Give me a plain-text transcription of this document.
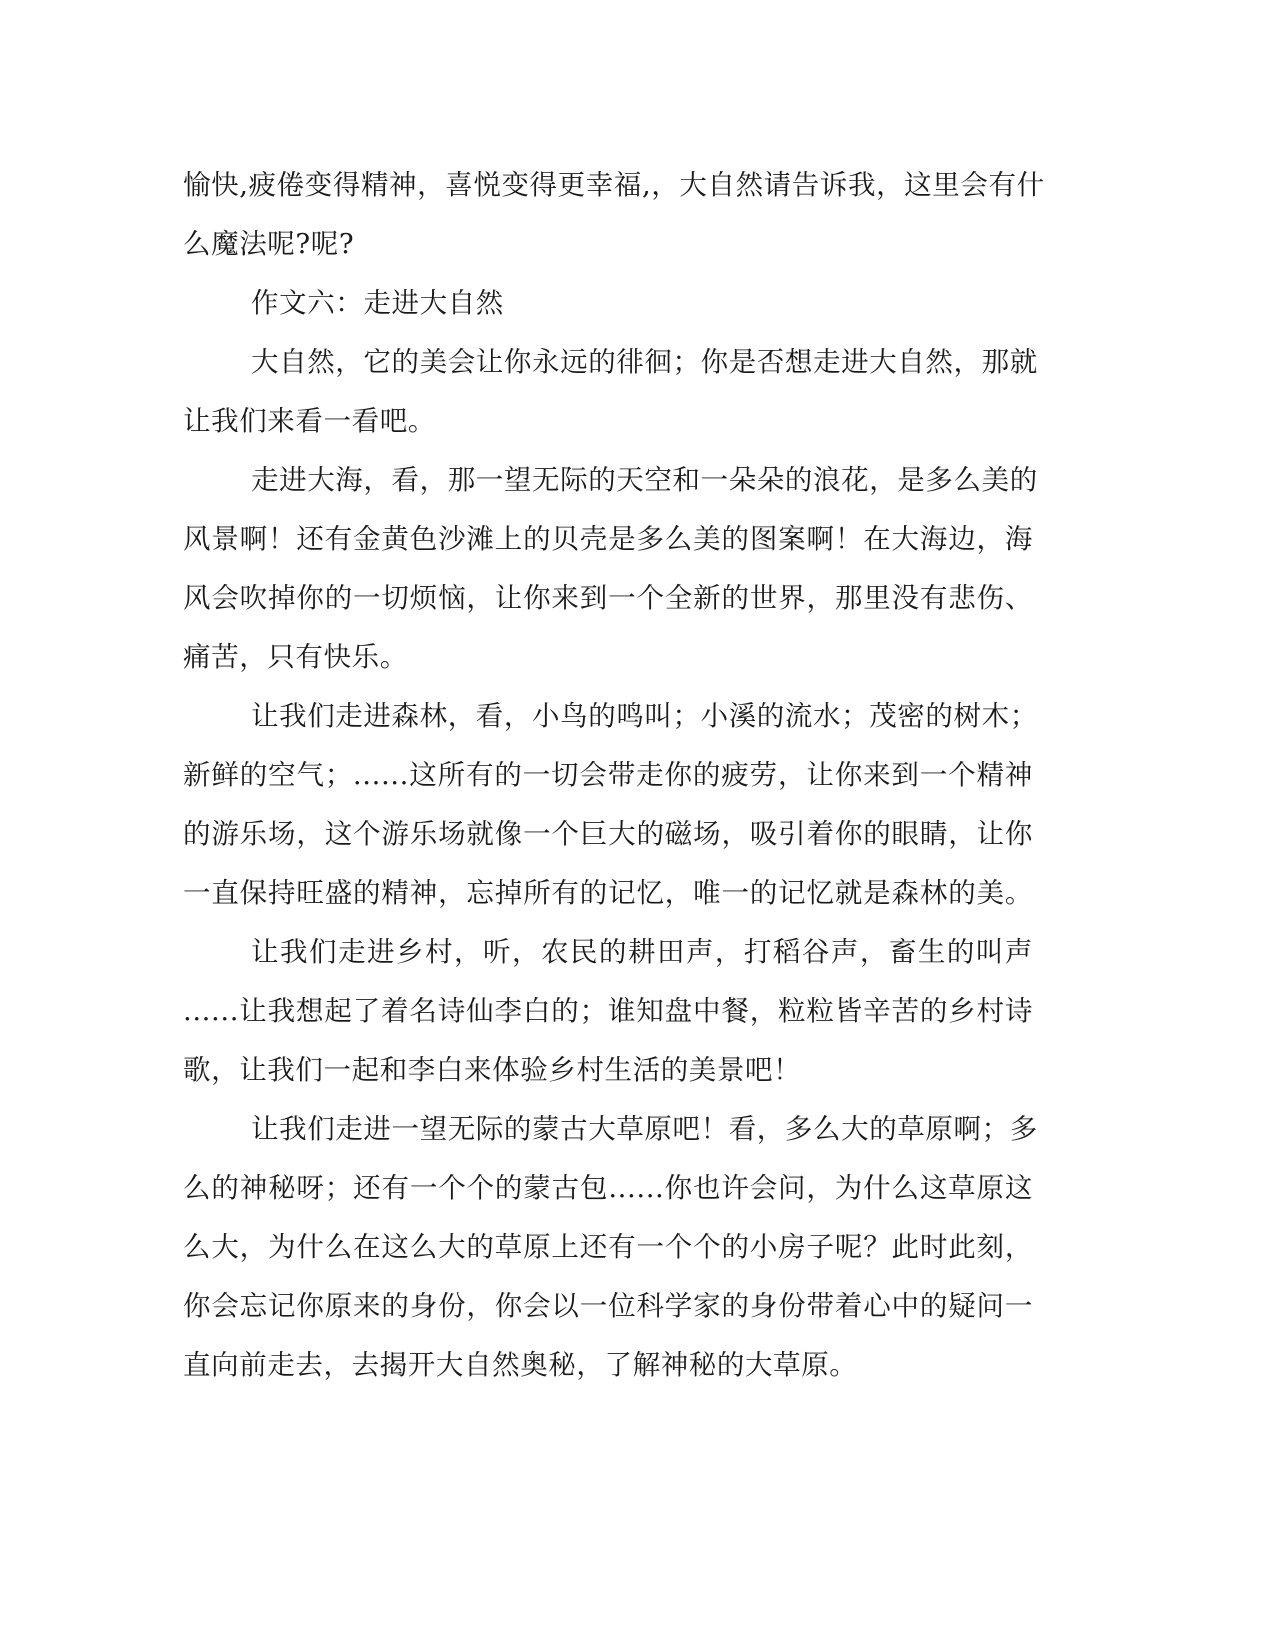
愉快,疲倦变得精神，喜悦变得更幸福,，大自然请告诉我，这里会有什
么魔法呢?呢?
作文六：走进大自然
大自然，它的美会让你永远的徘徊；你是否想走进大自然，那就
让我们来看一看吧。
走进大海，看，那一望无际的天空和一朵朵的浪花，是多么美的
风景啊！还有金黄色沙滩上的贝壳是多么美的图案啊！在大海边，海
风会吹掉你的一切烦恼，让你来到一个全新的世界，那里没有悲伤、
痛苦，只有快乐。
让我们走进森林，看，小鸟的鸣叫；小溪的流水；茂密的树木；
新鲜的空气；......这所有的一切会带走你的疲劳，让你来到一个精神
的游乐场，这个游乐场就像一个巨大的磁场，吸引着你的眼睛，让你
一直保持旺盛的精神，忘掉所有的记忆，唯一的记忆就是森林的美。
让我们走进乡村，听，农民的耕田声，打稻谷声，畜生的叫声
......让我想起了着名诗仙李白的；谁知盘中餐，粒粒皆辛苦的乡村诗
歌，让我们一起和李白来体验乡村生活的美景吧！
让我们走进一望无际的蒙古大草原吧！看，多么大的草原啊；多
么的神秘呀；还有一个个的蒙古包......你也许会问，为什么这草原这
么大，为什么在这么大的草原上还有一个个的小房子呢？此时此刻，
你会忘记你原来的身份，你会以一位科学家的身份带着心中的疑问一
直向前走去，去揭开大自然奥秘，了解神秘的大草原。
